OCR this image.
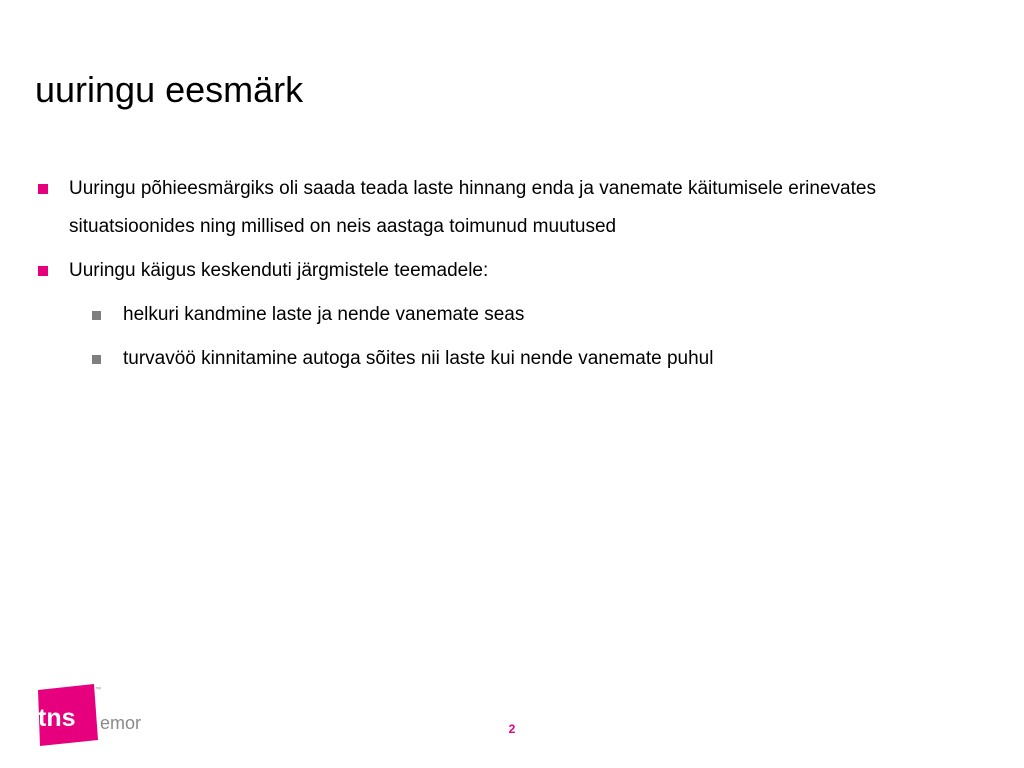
uuringu eesmärk
Uuringu põhieesmärgiks oli saada teada laste hinnang enda ja vanemate käitumisele erinevates situatsioonides ning millised on neis aastaga toimunud muutused
Uuringu käigus keskenduti järgmistele teemadele:
helkuri kandmine laste ja nende vanemate seas
turvavöö kinnitamine autoga sõites nii laste kui nende vanemate puhul
tns
™
emor	2
